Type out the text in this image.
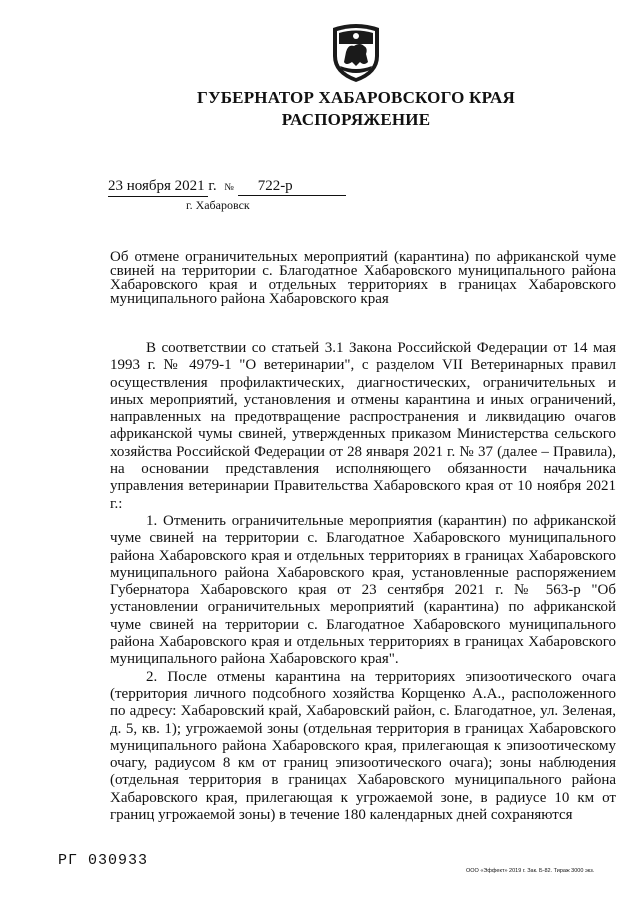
ГУБЕРНАТОР ХАБАРОВСКОГО КРАЯ
РАСПОРЯЖЕНИЕ
23 ноября 2021 г. № 722-р
г. Хабаровск
Об отмене ограничительных мероприятий (карантина) по африканской чуме свиней на территории с. Благодатное Хабаровского муниципального района Хабаровского края и отдельных территориях в границах Хабаровского муниципального района Хабаровского края

В соответствии со статьей 3.1 Закона Российской Федерации от 14 мая 1993 г. № 4979-1 "О ветеринарии", с разделом VII Ветеринарных правил осуществления профилактических, диагностических, ограничительных и иных мероприятий, установления и отмены карантина и иных ограничений, направленных на предотвращение распространения и ликвидацию очагов африканской чумы свиней, утвержденных приказом Министерства сельского хозяйства Российской Федерации от 28 января 2021 г. № 37 (далее – Правила), на основании представления исполняющего обязанности начальника управления ветеринарии Правительства Хабаровского края от 10 ноября 2021 г.:

1. Отменить ограничительные мероприятия (карантин) по африканской чуме свиней на территории с. Благодатное Хабаровского муниципального района Хабаровского края и отдельных территориях в границах Хабаровского муниципального района Хабаровского края, установленные распоряжением Губернатора Хабаровского края от 23 сентября 2021 г. № 563-р "Об установлении ограничительных мероприятий (карантина) по африканской чуме свиней на территории с. Благодатное Хабаровского муниципального района Хабаровского края и отдельных территориях в границах Хабаровского муниципального района Хабаровского края".

2. После отмены карантина на территориях эпизоотического очага (территория личного подсобного хозяйства Корщенко А.А., расположенного по адресу: Хабаровский край, Хабаровский район, с. Благодатное, ул. Зеленая, д. 5, кв. 1); угрожаемой зоны (отдельная территория в границах Хабаровского муниципального района Хабаровского края, прилегающая к эпизоотическому очагу, радиусом 8 км от границ эпизоотического очага); зоны наблюдения (отдельная территория в границах Хабаровского муниципального района Хабаровского края, прилегающая к угрожаемой зоне, в радиусе 10 км от границ угрожаемой зоны) в течение 180 календарных дней сохраняются

РГ 030933
ООО «Эффект» 2019 г. Зак. Б-82. Тираж 3000 экз.
